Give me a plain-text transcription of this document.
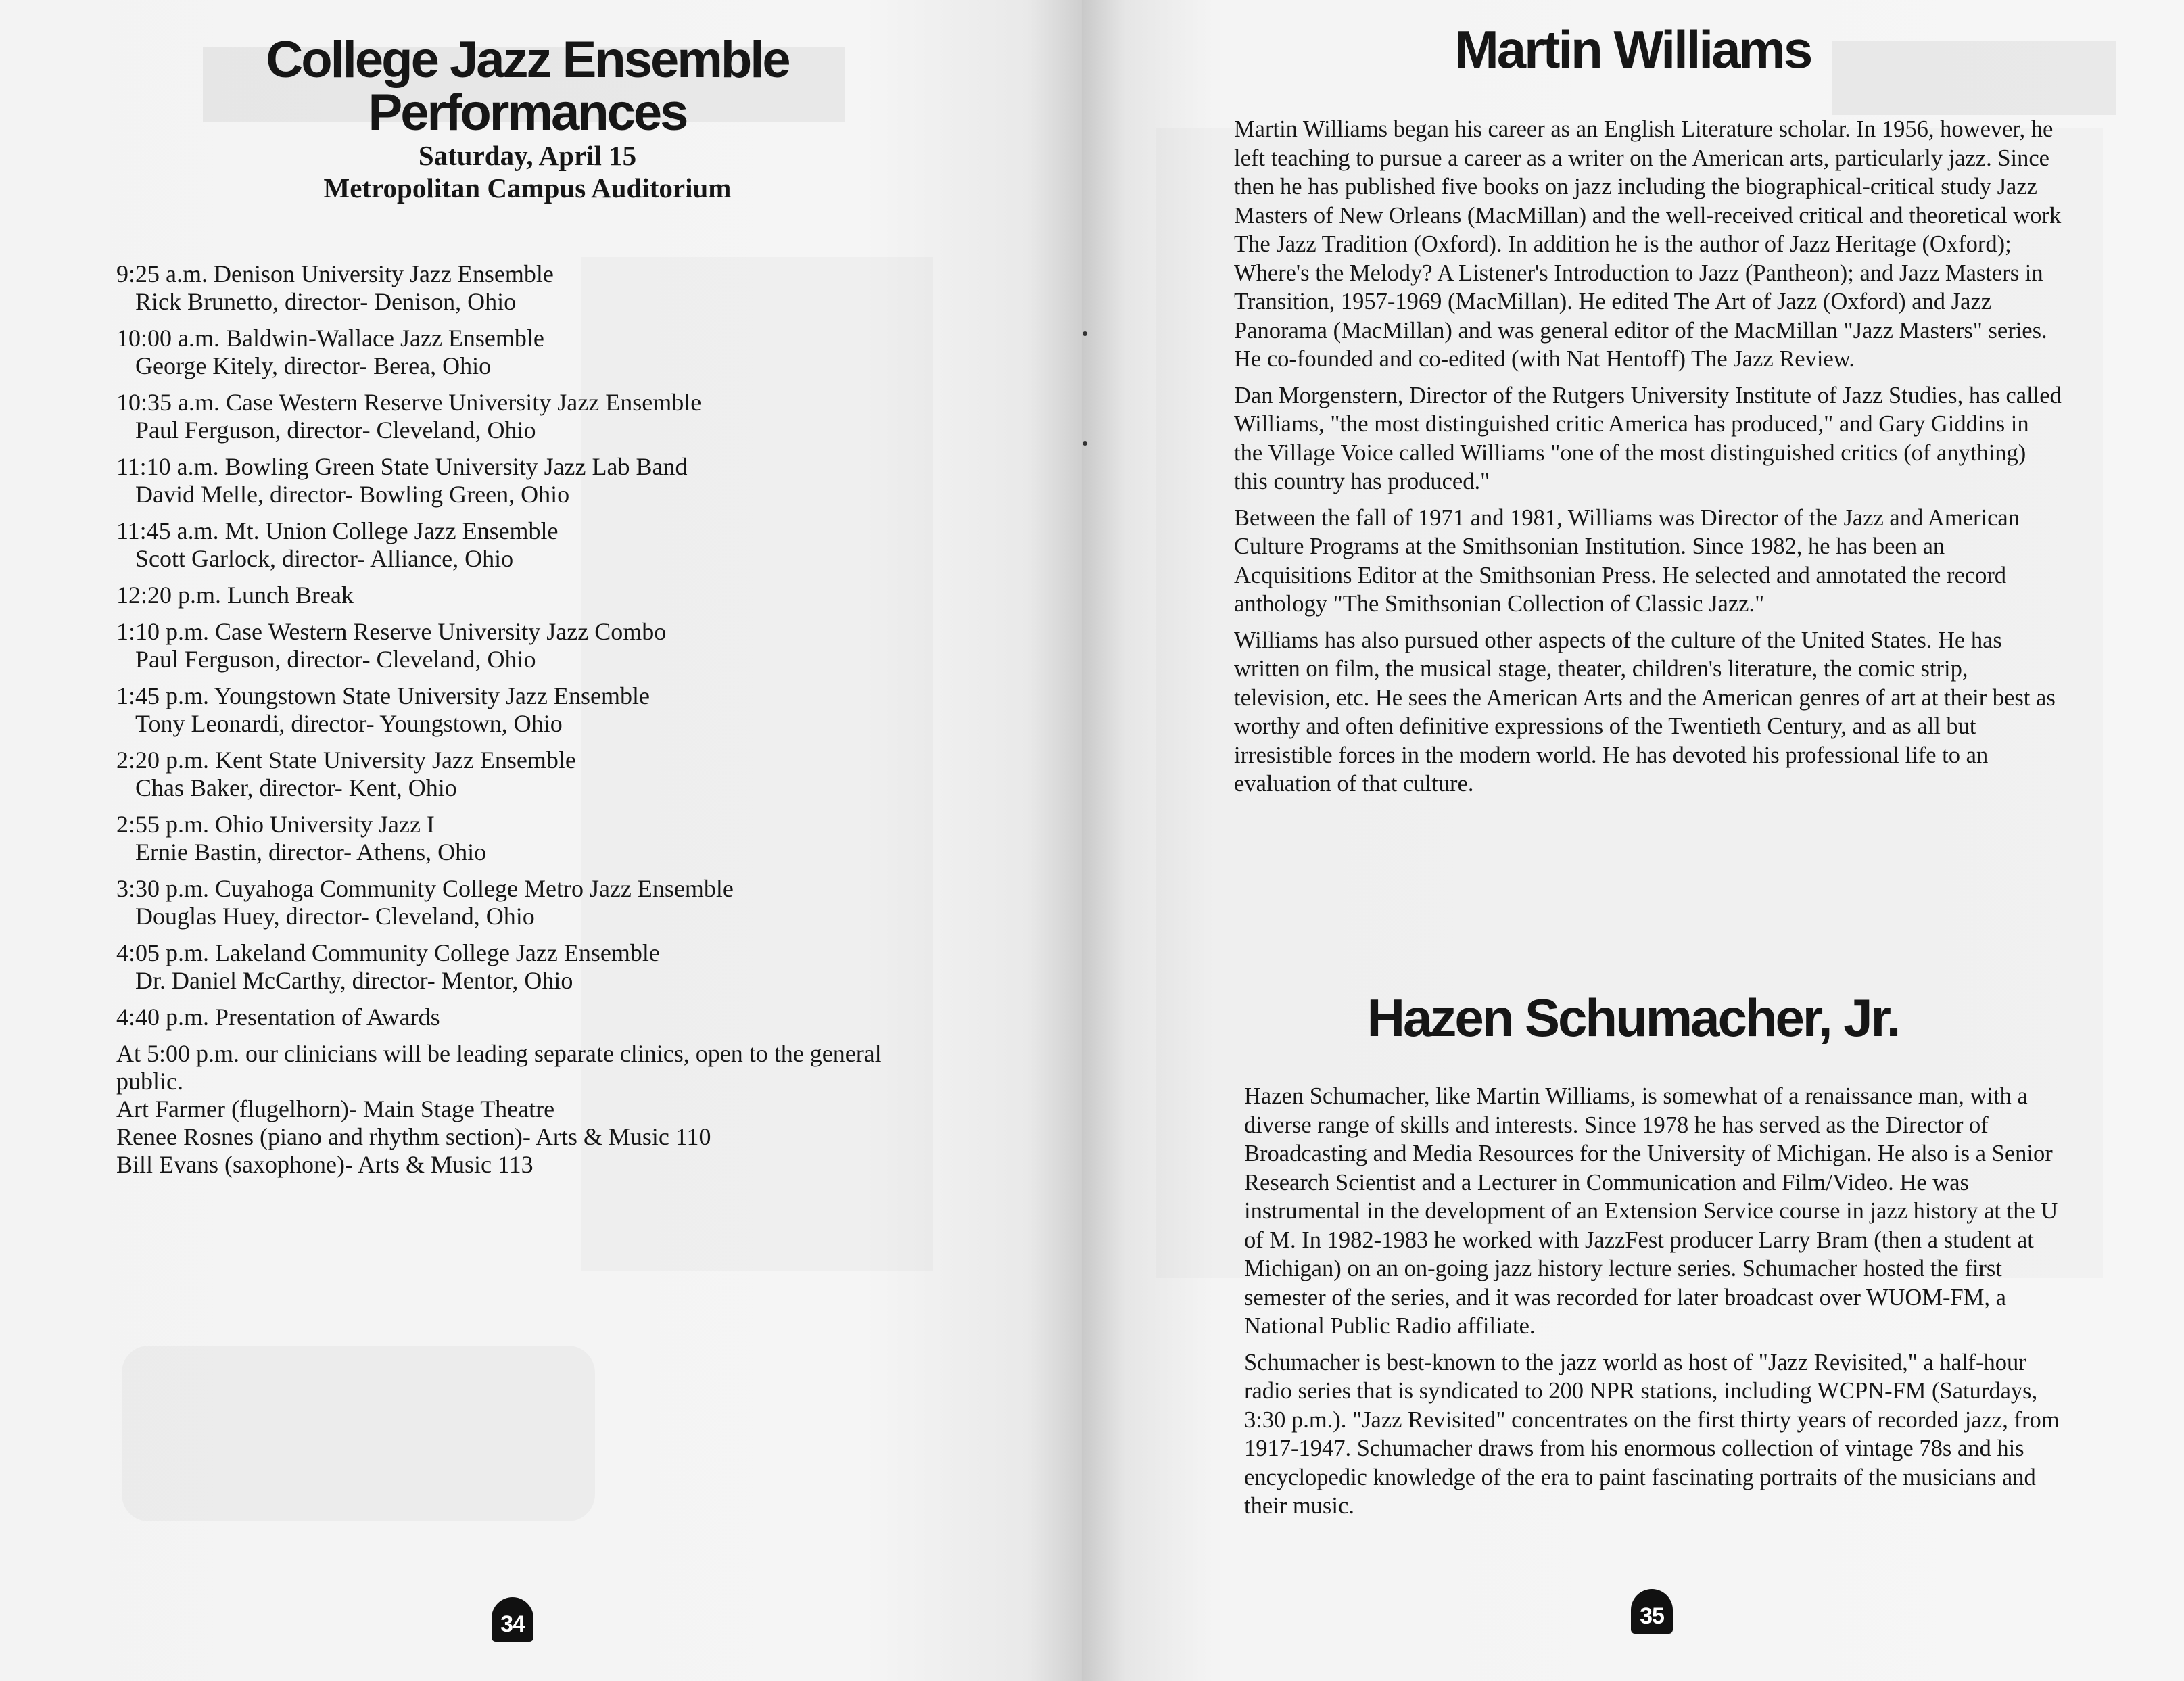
College Jazz Ensemble Performances
Saturday, April 15
Metropolitan Campus Auditorium
9:25 a.m. Denison University Jazz Ensemble
Rick Brunetto, director- Denison, Ohio
10:00 a.m. Baldwin-Wallace Jazz Ensemble
George Kitely, director- Berea, Ohio
10:35 a.m. Case Western Reserve University Jazz Ensemble
Paul Ferguson, director- Cleveland, Ohio
11:10 a.m. Bowling Green State University Jazz Lab Band
David Melle, director- Bowling Green, Ohio
11:45 a.m. Mt. Union College Jazz Ensemble
Scott Garlock, director- Alliance, Ohio
12:20 p.m. Lunch Break
1:10 p.m. Case Western Reserve University Jazz Combo
Paul Ferguson, director- Cleveland, Ohio
1:45 p.m. Youngstown State University Jazz Ensemble
Tony Leonardi, director- Youngstown, Ohio
2:20 p.m. Kent State University Jazz Ensemble
Chas Baker, director- Kent, Ohio
2:55 p.m. Ohio University Jazz I
Ernie Bastin, director- Athens, Ohio
3:30 p.m. Cuyahoga Community College Metro Jazz Ensemble
Douglas Huey, director- Cleveland, Ohio
4:05 p.m. Lakeland Community College Jazz Ensemble
Dr. Daniel McCarthy, director- Mentor, Ohio
4:40 p.m. Presentation of Awards
At 5:00 p.m. our clinicians will be leading separate clinics, open to the general public.
Art Farmer (flugelhorn)- Main Stage Theatre
Renee Rosnes (piano and rhythm section)- Arts & Music 110
Bill Evans (saxophone)- Arts & Music 113
34
•
•
Martin Williams

Martin Williams began his career as an English Literature scholar. In 1956, however, he left teaching to pursue a career as a writer on the American arts, particularly jazz. Since then he has published five books on jazz including the biographical-critical study Jazz Masters of New Orleans (MacMillan) and the well-received critical and theoretical work The Jazz Tradition (Oxford). In addition he is the author of Jazz Heritage (Oxford); Where's the Melody? A Listener's Introduction to Jazz (Pantheon); and Jazz Masters in Transition, 1957-1969 (MacMillan). He edited The Art of Jazz (Oxford) and Jazz Panorama (MacMillan) and was general editor of the MacMillan "Jazz Masters" series. He co-founded and co-edited (with Nat Hentoff) The Jazz Review.

Dan Morgenstern, Director of the Rutgers University Institute of Jazz Studies, has called Williams, "the most distinguished critic America has produced," and Gary Giddins in the Village Voice called Williams "one of the most distinguished critics (of anything) this country has produced."

Between the fall of 1971 and 1981, Williams was Director of the Jazz and American Culture Programs at the Smithsonian Institution. Since 1982, he has been an Acquisitions Editor at the Smithsonian Press. He selected and annotated the record anthology "The Smithsonian Collection of Classic Jazz."

Williams has also pursued other aspects of the culture of the United States. He has written on film, the musical stage, theater, children's literature, the comic strip, television, etc. He sees the American Arts and the American genres of art at their best as worthy and often definitive expressions of the Twentieth Century, and as all but irresistible forces in the modern world. He has devoted his professional life to an evaluation of that culture.

Hazen Schumacher, Jr.

Hazen Schumacher, like Martin Williams, is somewhat of a renaissance man, with a diverse range of skills and interests. Since 1978 he has served as the Director of Broadcasting and Media Resources for the University of Michigan. He also is a Senior Research Scientist and a Lecturer in Communication and Film/Video. He was instrumental in the development of an Extension Service course in jazz history at the U of M. In 1982-1983 he worked with JazzFest producer Larry Bram (then a student at Michigan) on an on-going jazz history lecture series. Schumacher hosted the first semester of the series, and it was recorded for later broadcast over WUOM-FM, a National Public Radio affiliate.

Schumacher is best-known to the jazz world as host of "Jazz Revisited," a half-hour radio series that is syndicated to 200 NPR stations, including WCPN-FM (Saturdays, 3:30 p.m.). "Jazz Revisited" concentrates on the first thirty years of recorded jazz, from 1917-1947. Schumacher draws from his enormous collection of vintage 78s and his encyclopedic knowledge of the era to paint fascinating portraits of the musicians and their music.

35
